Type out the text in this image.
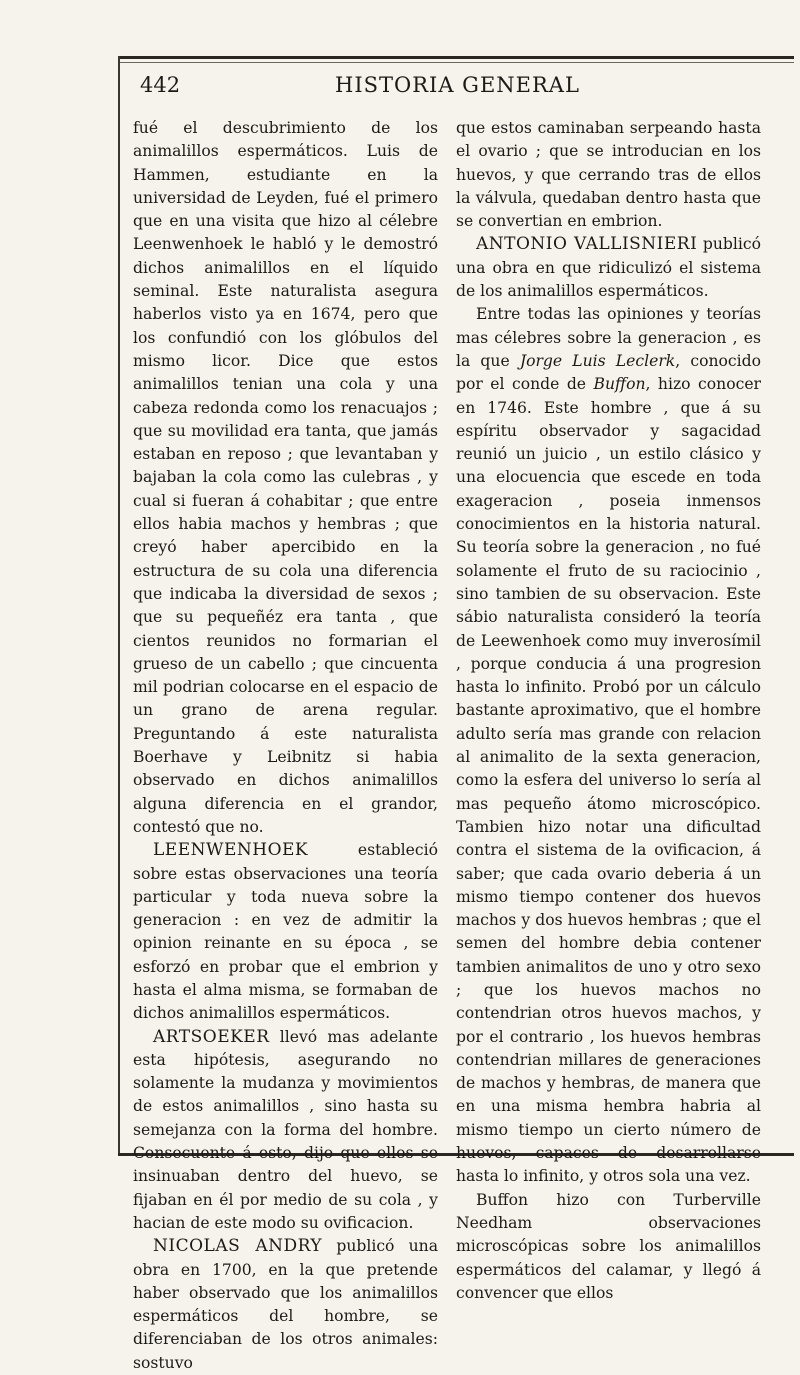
442	HISTORIA GENERAL

fué el descubrimiento de los animalillos espermáticos. Luis de Hammen, estudiante en la universidad de Leyden, fué el primero que en una visita que hizo al célebre Leenwenhoek le habló y le demostró dichos animalillos en el líquido seminal. Este naturalista asegura haberlos visto ya en 1674, pero que los confundió con los glóbulos del mismo licor. Dice que estos animalillos tenian una cola y una cabeza redonda como los renacuajos ; que su movilidad era tanta, que jamás estaban en reposo ; que levantaban y bajaban la cola como las culebras , y cual si fueran á cohabitar ; que entre ellos habia machos y hembras ; que creyó haber apercibido en la estructura de su cola una diferencia que indicaba la diversidad de sexos ; que su pequeñéz era tanta , que cientos reunidos no formarian el grueso de un cabello ; que cincuenta mil podrian colocarse en el espacio de un grano de arena regular. Preguntando á este naturalista Boerhave y Leibnitz si habia observado en dichos animalillos alguna diferencia en el grandor, contestó que no.

LEENWENHOEK estableció sobre estas observaciones una teoría particular y toda nueva sobre la generacion : en vez de admitir la opinion reinante en su época , se esforzó en probar que el embrion y hasta el alma misma, se formaban de dichos animalillos espermáticos.

ARTSOEKER llevó mas adelante esta hipótesis, asegurando no solamente la mudanza y movimientos de estos animalillos , sino hasta su semejanza con la forma del hombre. Consecuente á esto, dijo que ellos se insinuaban dentro del huevo, se fijaban en él por medio de su cola , y hacian de este modo su ovificacion.

NICOLAS ANDRY publicó una obra en 1700, en la que pretende haber observado que los animalillos espermáticos del hombre, se diferenciaban de los otros animales: sostuvo

que estos caminaban serpeando hasta el ovario ; que se introducian en los huevos, y que cerrando tras de ellos la válvula, quedaban dentro hasta que se convertian en embrion.

ANTONIO VALLISNIERI publicó una obra en que ridiculizó el sistema de los animalillos espermáticos.

Entre todas las opiniones y teorías mas célebres sobre la generacion , es la que Jorge Luis Leclerk, conocido por el conde de Buffon, hizo conocer en 1746. Este hombre , que á su espíritu observador y sagacidad reunió un juicio , un estilo clásico y una elocuencia que escede en toda exageracion , poseia inmensos conocimientos en la historia natural. Su teoría sobre la generacion , no fué solamente el fruto de su raciocinio , sino tambien de su observacion. Este sábio naturalista consideró la teoría de Leewenhoek como muy inverosímil , porque conducia á una progresion hasta lo infinito. Probó por un cálculo bastante aproximativo, que el hombre adulto sería mas grande con relacion al animalito de la sexta generacion, como la esfera del universo lo sería al mas pequeño átomo microscópico. Tambien hizo notar una dificultad contra el sistema de la ovificacion, á saber; que cada ovario deberia á un mismo tiempo contener dos huevos machos y dos huevos hembras ; que el semen del hombre debia contener tambien animalitos de uno y otro sexo ; que los huevos machos no contendrian otros huevos machos, y por el contrario , los huevos hembras contendrian millares de generaciones de machos y hembras, de manera que en una misma hembra habria al mismo tiempo un cierto número de huevos, capaces de desarrollarse hasta lo infinito, y otros sola una vez.

Buffon hizo con Turberville Needham observaciones microscópicas sobre los animalillos espermáticos del calamar, y llegó á convencer que ellos
